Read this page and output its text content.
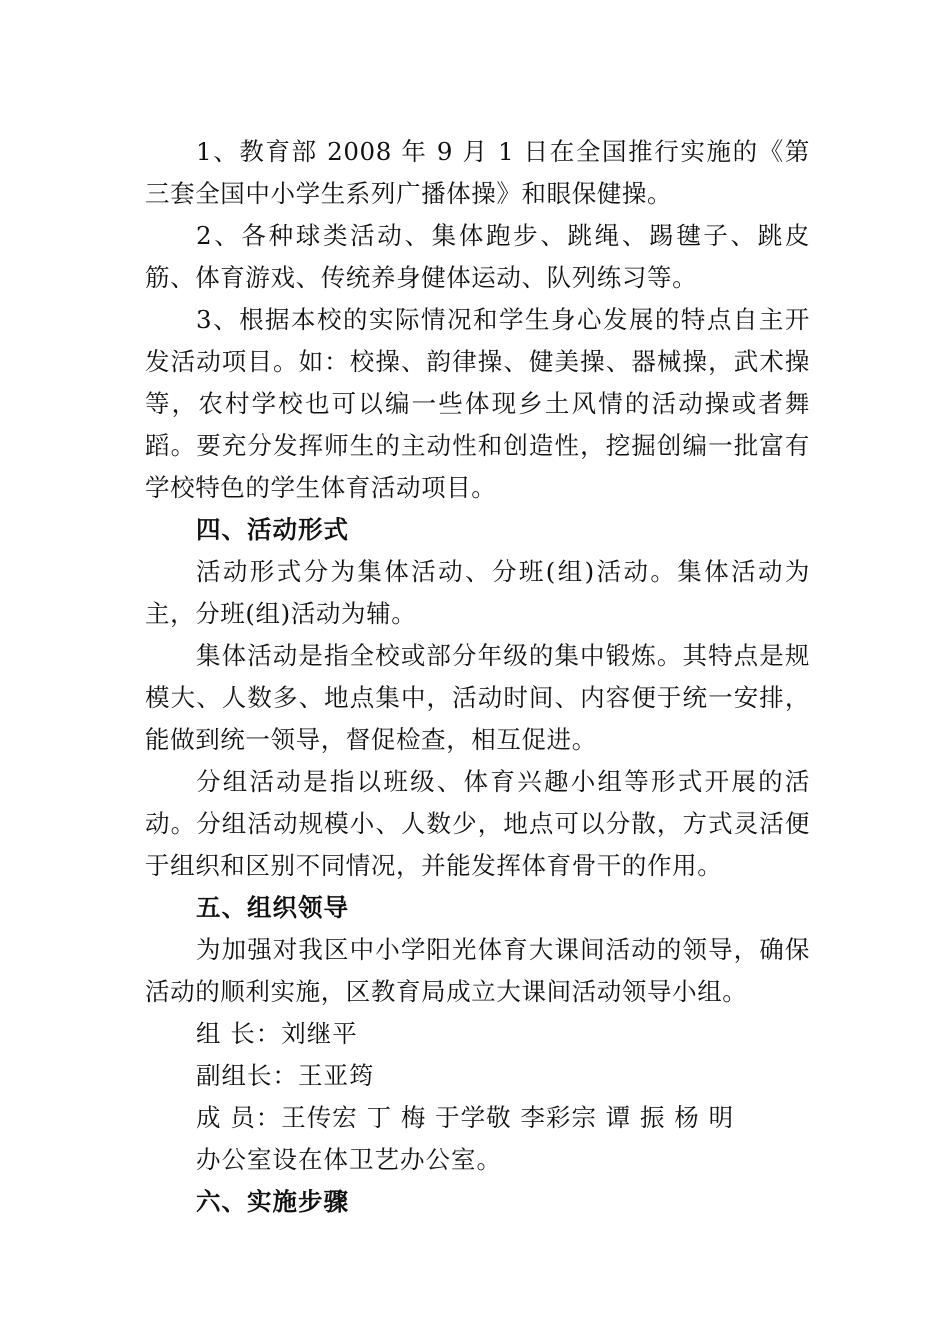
1、教育部 2008 年 9 月 1 日在全国推行实施的《第三套全国中小学生系列广播体操》和眼保健操。

2、各种球类活动、集体跑步、跳绳、踢毽子、跳皮筋、体育游戏、传统养身健体运动、队列练习等。

3、根据本校的实际情况和学生身心发展的特点自主开发活动项目。如：校操、韵律操、健美操、器械操，武术操等，农村学校也可以编一些体现乡土风情的活动操或者舞蹈。要充分发挥师生的主动性和创造性，挖掘创编一批富有学校特色的学生体育活动项目。

四、活动形式

活动形式分为集体活动、分班(组)活动。集体活动为主，分班(组)活动为辅。

集体活动是指全校或部分年级的集中锻炼。其特点是规模大、人数多、地点集中，活动时间、内容便于统一安排，能做到统一领导，督促检查，相互促进。

分组活动是指以班级、体育兴趣小组等形式开展的活动。分组活动规模小、人数少，地点可以分散，方式灵活便于组织和区别不同情况，并能发挥体育骨干的作用。

五、组织领导

为加强对我区中小学阳光体育大课间活动的领导，确保活动的顺利实施，区教育局成立大课间活动领导小组。

组 长：刘继平

副组长：王亚筠

成 员：王传宏 丁 梅 于学敬 李彩宗 谭 振 杨 明

办公室设在体卫艺办公室。

六、实施步骤
